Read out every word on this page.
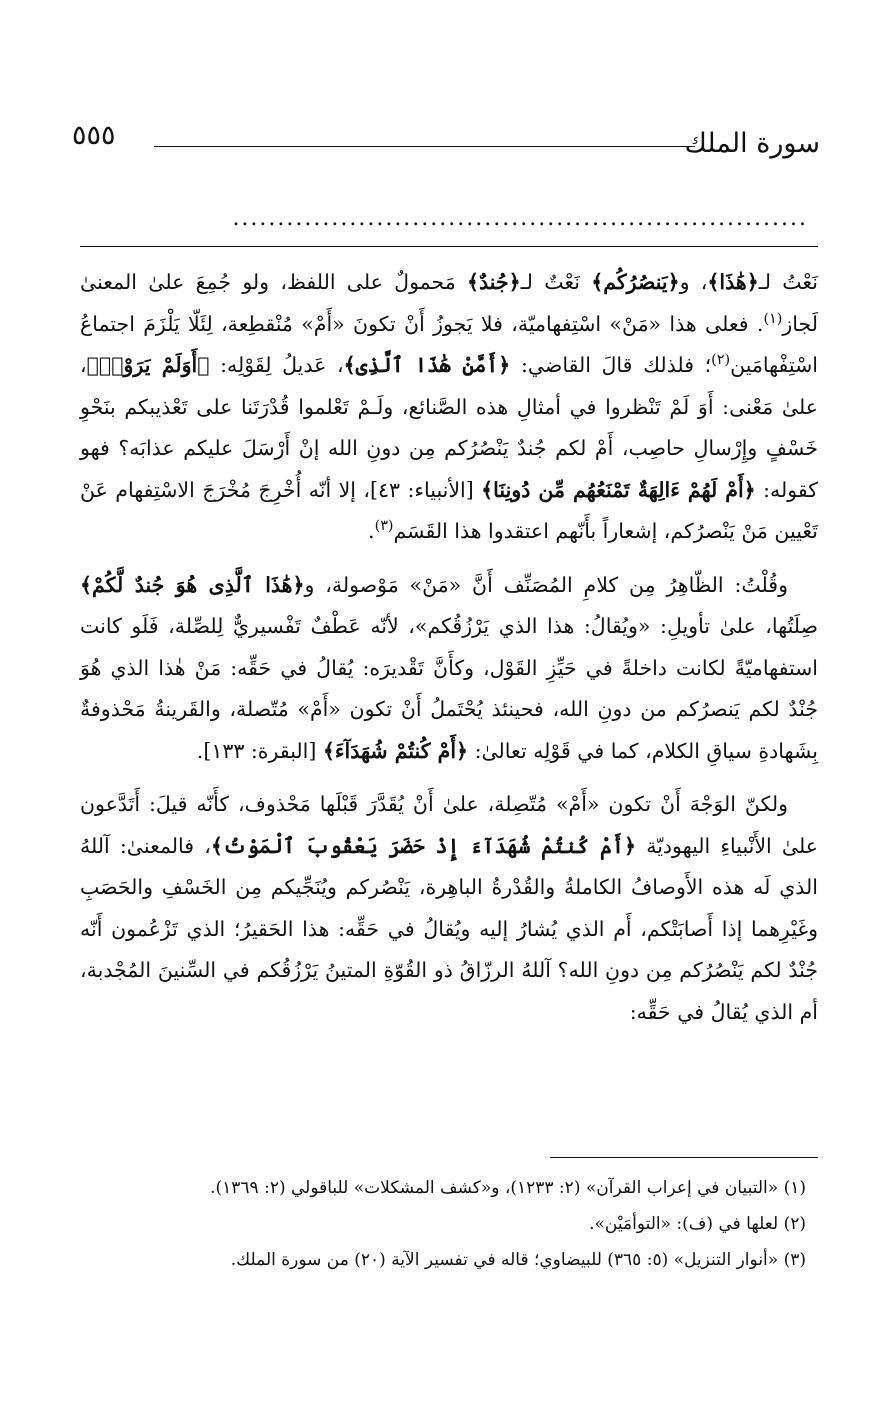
٥٥٥	سورة الملك
................................................................

نَعْتُ لـ﴿هَٰذَا﴾، و﴿يَنصُرُكُم﴾ نَعْتٌ لـ﴿جُندٌ﴾ مَحمولٌ على اللفظ، ولو جُمِعَ علىٰ المعنىٰ لَجاز$^{(١)}$. فعلى هذا «مَنْ» اسْتِفهاميّة، فلا يَجوزُ أَنْ تكونَ «أَمْ» مُنْقطِعة، لِئَلّا يَلْزَمَ اجتماعُ اسْتِفْهامَين$^{(٢)}$؛ فلذلك قالَ القاضي: ﴿أَمَّنْ هَٰذَا ٱلَّذِى﴾، عَديلُ لِقَوْلِه: ﴿أَوَلَمْ يَرَوْا۟﴾، علىٰ مَعْنى: أَوَ لَمْ تَنْظروا في أمثالِ هذه الصَّنائع، ولَـمْ تَعْلموا قُدْرَتَنا على تَعْذيبكم بنَحْوِ خَسْفٍ وإِرْسالِ حاصِب، أَمْ لكم جُندٌ يَنْصُرُكم مِن دونِ الله إنْ أَرْسَلَ عليكم عذابَه؟ فهو كقوله: ﴿أَمْ لَهُمْ ءَالِهَةٌ تَمْنَعُهُم مِّن دُونِنَا﴾ [الأنبياء: ٤٣]، إلا أنّه أُخْرِجَ مُخْرَجَ الاسْتِفهام عَنْ تَعْيين مَنْ يَنْصرُكم، إشعاراً بأَنّهم اعتقدوا هذا القَسَم$^{(٣)}$.

وقُلْتُ: الظّاهِرُ مِن كلامِ المُصَنِّف أَنَّ «مَنْ» مَوْصولة، و﴿هَٰذَا ٱلَّذِى هُوَ جُندٌ لَّكُمْ﴾ صِلَتُها، علىٰ تأويلِ: «ويُقالُ: هذا الذي يَرْزُقُكم»، لأنّه عَطْفٌ تَفْسيريٌّ لِلصِّلة، فَلَو كانت استفهاميّةً لكانت داخلةً في حَيِّزِ القَوْل، وكأَنَّ تَقْديرَه: يُقالُ في حَقِّه: مَنْ هٰذا الذي هُوَ جُنْدٌ لكم يَنصرُكم من دونِ الله، فحينئذ يُحْتَملُ أَنْ تكون «أَمْ» مُتّصلة، والقَرينةُ مَحْذوفةٌ بِشَهادةِ سياقِ الكلام، كما في قَوْلِه تعالىٰ: ﴿أَمْ كُنتُمْ شُهَدَآءَ﴾ [البقرة: ١٣٣].

ولكنّ الوَجْهَ أَنْ تكون «أَمْ» مُتّصِلة، علىٰ أَنْ يُقَدَّرَ قَبْلَها مَحْذوف، كأَنّه قيلَ: أَتَدَّعون علىٰ الأَنْبياءِ اليهوديّة ﴿أَمْ كُنتُمْ شُهَدَآءَ إِذْ حَضَرَ يَعْقُوبَ ٱلْمَوْتُ﴾، فالمعنىٰ: آللهُ الذي لَه هذه الأَوصافُ الكاملةُ والقُدْرةُ الباهِرة، يَنْصُركم ويُنَجِّيكم مِن الخَسْفِ والحَصَبِ وغَيْرِهما إذا أَصابَتْكم، أَم الذي يُشارُ إليه ويُقالُ في حَقِّه: هذا الحَقيرُ؛ الذي تَزْعُمون أَنّه جُنْدٌ لكم يَنْصُرُكم مِن دونِ الله؟ آللهُ الرزّاقُ ذو القُوّةِ المتينُ يَرْزُقُكم في السِّنينَ المُجْدبة، أم الذي يُقالُ في حَقِّه:

(١) «التبيان في إعراب القرآن» (٢: ١٢٣٣)، و«كشف المشكلات» للباقولي (٢: ١٣٦٩).

(٢) لعلها في (ف): «التوأمَيْن».

(٣) «أنوار التنزيل» (٥: ٣٦٥) للبيضاوي؛ قاله في تفسير الآية (٢٠) من سورة الملك.
